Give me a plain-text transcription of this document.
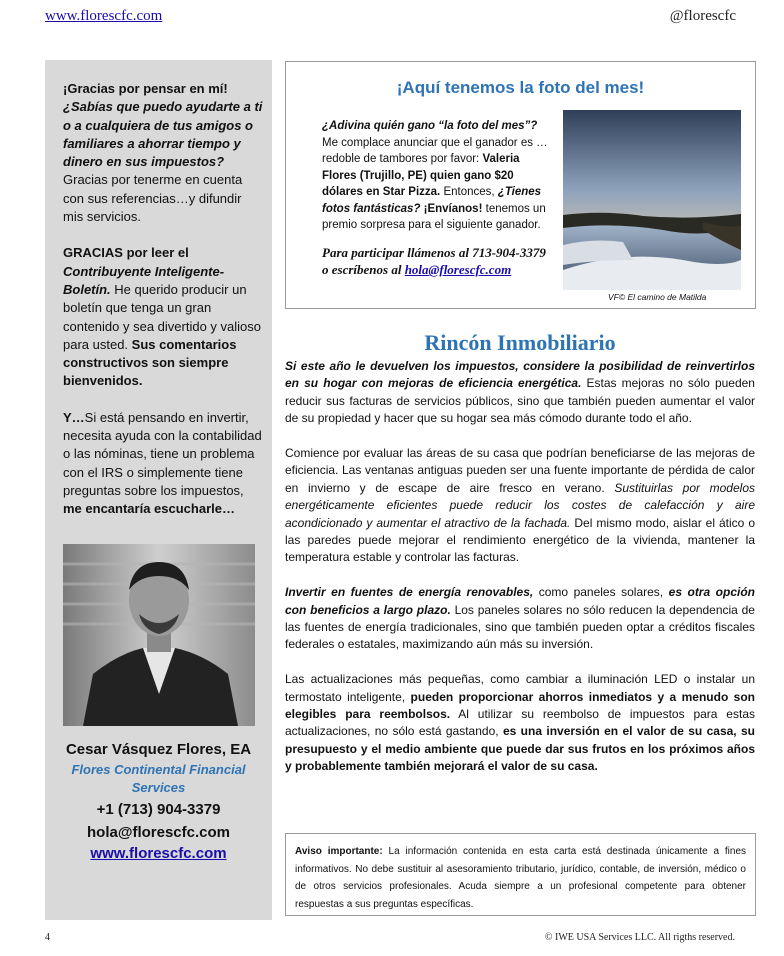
www.florescfc.com	@florescfc

¡Gracias por pensar en mí! ¿Sabías que puedo ayudarte a ti o a cualquiera de tus amigos o familiares a ahorrar tiempo y dinero en sus impuestos? Gracias por tenerme en cuenta con sus referencias…y difundir mis servicios.

GRACIAS por leer el Contribuyente Inteligente-Boletín. He querido producir un boletín que tenga un gran contenido y sea divertido y valioso para usted. Sus comentarios constructivos son siempre bienvenidos.

Y…Si está pensando en invertir, necesita ayuda con la contabilidad o las nóminas, tiene un problema con el IRS o simplemente tiene preguntas sobre los impuestos, me encantaría escucharle…

Cesar Vásquez Flores, EA
Flores Continental Financial Services
+1 (713) 904-3379
hola@florescfc.com
www.florescfc.com
¡Aquí tenemos la foto del mes!
¿Adivina quién gano “la foto del mes”? Me complace anunciar que el ganador es … redoble de tambores por favor: Valeria Flores (Trujillo, PE) quien gano $20 dólares en Star Pizza. Entonces, ¿Tienes fotos fantásticas? ¡Envíanos! tenemos un premio sorpresa para el siguiente ganador.
Para participar llámenos al 713-904-3379 o escríbenos al hola@florescfc.com
VF© El camino de Matilda
Rincón Inmobiliario

Si este año le devuelven los impuestos, considere la posibilidad de reinvertirlos en su hogar con mejoras de eficiencia energética. Estas mejoras no sólo pueden reducir sus facturas de servicios públicos, sino que también pueden aumentar el valor de su propiedad y hacer que su hogar sea más cómodo durante todo el año.

Comience por evaluar las áreas de su casa que podrían beneficiarse de las mejoras de eficiencia. Las ventanas antiguas pueden ser una fuente importante de pérdida de calor en invierno y de escape de aire fresco en verano. Sustituirlas por modelos energéticamente eficientes puede reducir los costes de calefacción y aire acondicionado y aumentar el atractivo de la fachada. Del mismo modo, aislar el ático o las paredes puede mejorar el rendimiento energético de la vivienda, mantener la temperatura estable y controlar las facturas.

Invertir en fuentes de energía renovables, como paneles solares, es otra opción con beneficios a largo plazo. Los paneles solares no sólo reducen la dependencia de las fuentes de energía tradicionales, sino que también pueden optar a créditos fiscales federales o estatales, maximizando aún más su inversión.

Las actualizaciones más pequeñas, como cambiar a iluminación LED o instalar un termostato inteligente, pueden proporcionar ahorros inmediatos y a menudo son elegibles para reembolsos. Al utilizar su reembolso de impuestos para estas actualizaciones, no sólo está gastando, es una inversión en el valor de su casa, su presupuesto y el medio ambiente que puede dar sus frutos en los próximos años y probablemente también mejorará el valor de su casa.

Aviso importante: La información contenida en esta carta está destinada únicamente a fines informativos. No debe sustituir al asesoramiento tributario, jurídico, contable, de inversión, médico o de otros servicios profesionales. Acuda siempre a un profesional competente para obtener respuestas a sus preguntas específicas.
4	© IWE USA Services LLC. All rigths reserved.
